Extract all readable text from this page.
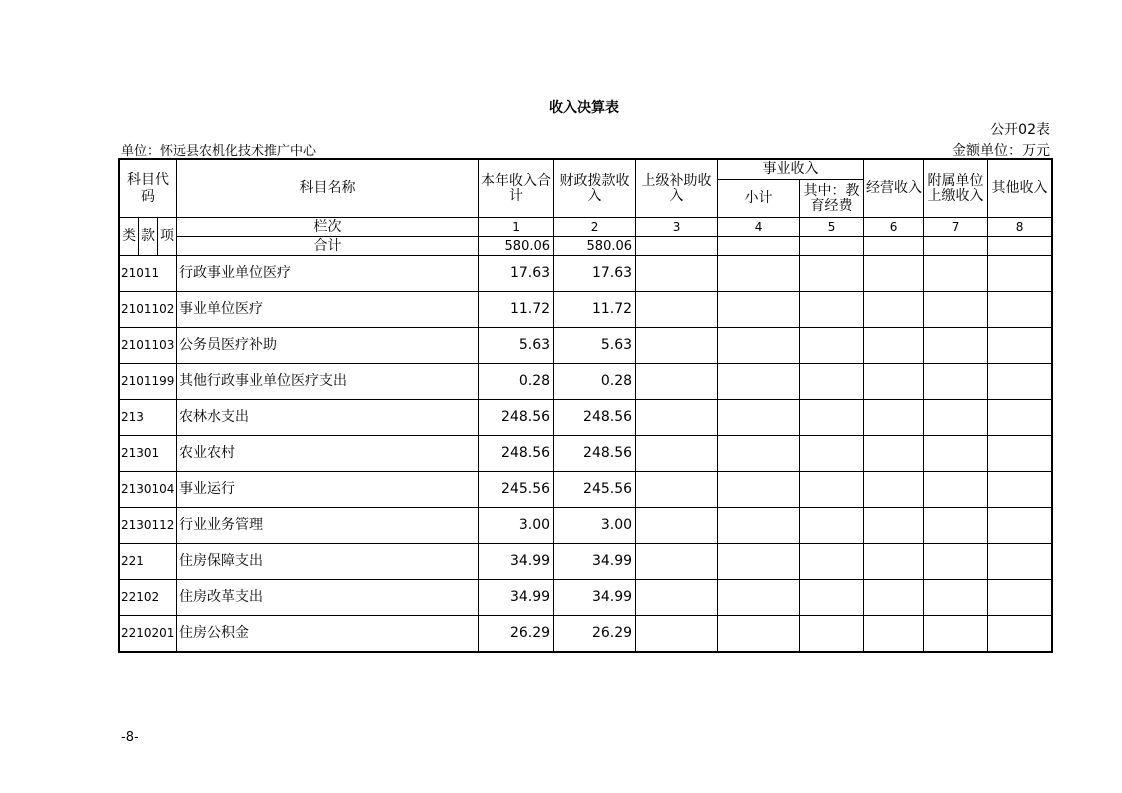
收入决算表
公开02表
单位：怀远县农机化技术推广中心	金额单位：万元
科目代
码			科目名称	本年收入合计	财政拨款收入	上级补助收入	事业收入		经营收入	附属单位上缴收入	其他收入
							小计	其中：教育经费			
类	款	项	栏次	1	2	3	4	5	6	7	8
			合计	580.06	580.06						
21011			行政事业单位医疗	17.63	17.63						
2101102			事业单位医疗	11.72	11.72						
2101103			公务员医疗补助	5.63	5.63						
2101199			其他行政事业单位医疗支出	0.28	0.28						
213			农林水支出	248.56	248.56						
21301			农业农村	248.56	248.56						
2130104			事业运行	245.56	245.56						
2130112			行业业务管理	3.00	3.00						
221			住房保障支出	34.99	34.99						
22102			住房改革支出	34.99	34.99						
2210201			住房公积金	26.29	26.29						
-8-
